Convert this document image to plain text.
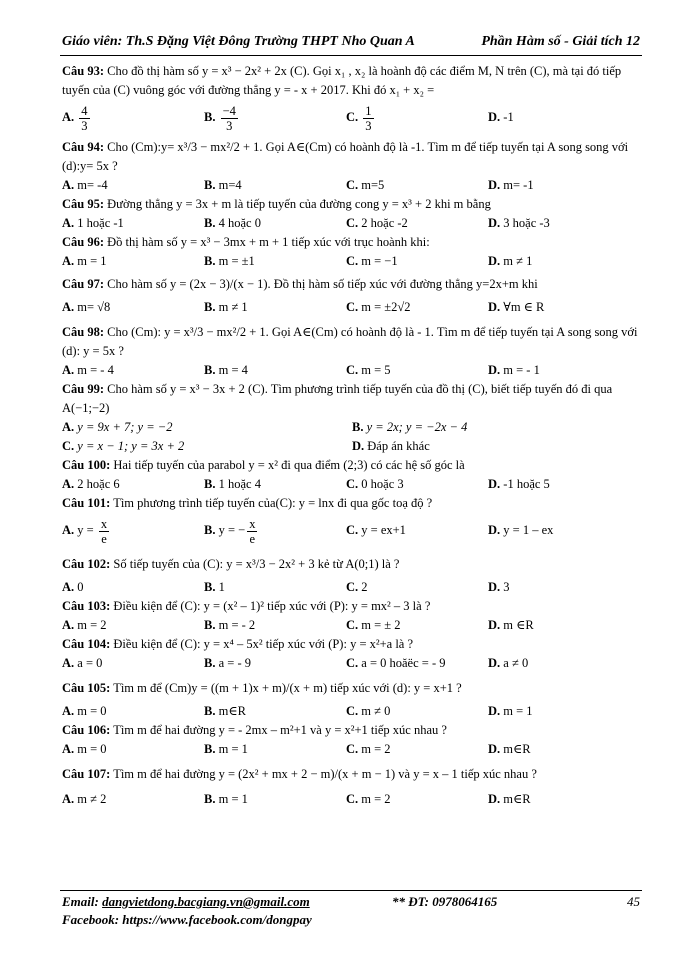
Giáo viên: Th.S Đặng Việt Đông Trường THPT Nho Quan A	Phần Hàm số - Giải tích 12
Câu 93: Cho đồ thị hàm số y = x³ − 2x² + 2x (C). Gọi x₁ , x₂ là hoành độ các điểm M, N trên (C), mà tại đó tiếp tuyến của (C) vuông góc với đường thẳng y = - x + 2017. Khi đó x₁ + x₂ =
A. $\frac{4}{3}$	B. $\frac{-4}{3}$	C. $\frac{1}{3}$	D. -1
Câu 94: Cho (Cm):y= x³/3 − mx²/2 + 1. Gọi A∈(Cm) có hoành độ là -1. Tìm m để tiếp tuyến tại A song song với (d):y= 5x ?
A. m= -4	B. m=4	C. m=5	D. m= -1
Câu 95: Đường thẳng y = 3x + m là tiếp tuyến của đường cong y = x³ + 2 khi m bằng
A. 1 hoặc -1	B. 4 hoặc 0	C. 2 hoặc -2	D. 3 hoặc -3
Câu 96: Đồ thị hàm số y = x³ − 3mx + m + 1 tiếp xúc với trục hoành khi:
A. m = 1	B. m = ±1	C. m = −1	D. m ≠ 1
Câu 97: Cho hàm số y = (2x − 3)/(x − 1). Đồ thị hàm số tiếp xúc với đường thẳng y=2x+m khi
A. m= √8	B. m ≠ 1	C. m = ±2√2	D. ∀m ∈ R
Câu 98: Cho (Cm): y = x³/3 − mx²/2 + 1. Gọi A∈(Cm) có hoành độ là - 1. Tìm m để tiếp tuyến tại A song song với (d): y = 5x ?
A. m = - 4	B. m = 4	C. m = 5	D. m = - 1
Câu 99: Cho hàm số y = x³ − 3x + 2 (C). Tìm phương trình tiếp tuyến của đồ thị (C), biết tiếp tuyến đó đi qua A(−1;−2)
A. y = 9x + 7; y = −2	B. y = 2x; y = −2x − 4
C. y = x − 1; y = 3x + 2	D. Đáp án khác
Câu 100: Hai tiếp tuyến của parabol y = x² đi qua điểm (2;3) có các hệ số góc là
A. 2 hoặc 6	B. 1 hoặc 4	C. 0 hoặc 3	D. -1 hoặc 5
Câu 101: Tìm phương trình tiếp tuyến của(C): y = lnx đi qua gốc toạ độ ?
A. $y = \frac{x}{e}$	B. y = − $\frac{x}{e}$	C. y = ex+1	D. y = 1 – ex
Câu 102: Số tiếp tuyến của (C): y = x³/3 − 2x² + 3 kẻ từ A(0;1) là ?
A. 0	B. 1	C. 2	D. 3
Câu 103: Điều kiện để (C): y = (x² – 1)² tiếp xúc với (P): y = mx² – 3 là ?
A. m = 2	B. m = - 2	C. m = ± 2	D. m ∈R
Câu 104: Điều kiện để (C): y = x⁴ – 5x² tiếp xúc với (P): y = x²+a là ?
A. a = 0	B. a = - 9	C. a = 0 hoăëc = - 9	D. a ≠ 0
Câu 105: Tìm m để (Cm)y = ((m + 1)x + m)/(x + m) tiếp xúc với (d): y = x+1 ?
A. m = 0	B. m∈R	C. m ≠ 0	D. m = 1
Câu 106: Tìm m để hai đường y = - 2mx – m²+1 và y = x²+1 tiếp xúc nhau ?
A. m = 0	B. m = 1	C. m = 2	D. m∈R
Câu 107: Tìm m để hai đường y = (2x² + mx + 2 − m)/(x + m − 1) và y = x – 1 tiếp xúc nhau ?
A. m ≠ 2	B. m = 1	C. m = 2	D. m∈R
Email: dangvietdong.bacgiang.vn@gmail.com	** ĐT: 0978064165	45
Facebook: https://www.facebook.com/dongpay
